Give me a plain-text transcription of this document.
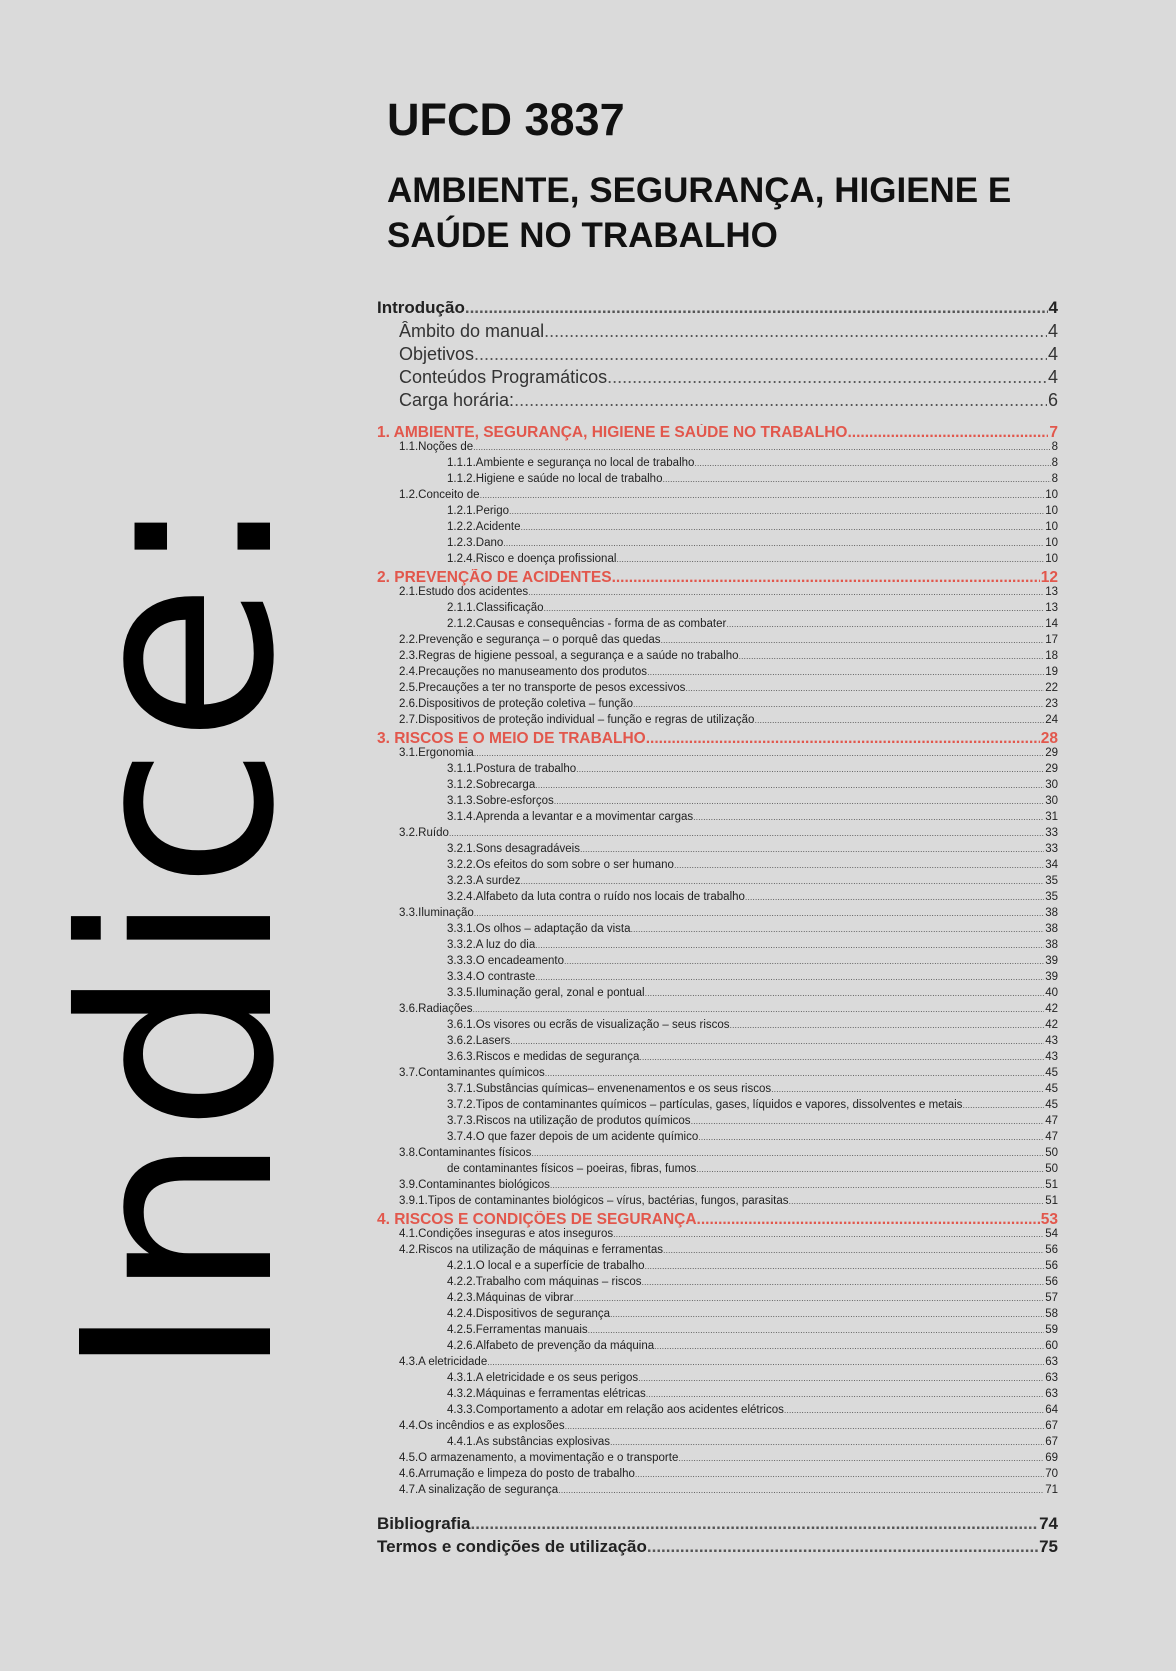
Indice:
UFCD 3837
AMBIENTE, SEGURANÇA, HIGIENE E SAÚDE NO TRABALHO
Introdução .....	4
Âmbito do manual .....	4
Objetivos .....	4
Conteúdos Programáticos .....	4
Carga horária: .....	6
1. AMBIENTE, SEGURANÇA, HIGIENE E SAÚDE NO TRABALHO .....	7
1.1.Noções de .....	8
1.1.1.Ambiente e segurança no local de trabalho .....	8
1.1.2.Higiene e saúde no local de trabalho .....	8
1.2.Conceito de .....	10
1.2.1.Perigo .....	10
1.2.2.Acidente .....	10
1.2.3.Dano .....	10
1.2.4.Risco e doença profissional .....	10
2. PREVENÇÃO DE ACIDENTES .....	12
2.1.Estudo dos acidentes .....	13
2.1.1.Classificação .....	13
2.1.2.Causas e consequências - forma de as combater .....	14
2.2.Prevenção e segurança – o porquê das quedas .....	17
2.3.Regras de higiene pessoal, a segurança e a saúde no trabalho .....	18
2.4.Precauções no manuseamento dos produtos .....	19
2.5.Precauções a ter no transporte de pesos excessivos .....	22
2.6.Dispositivos de proteção coletiva – função .....	23
2.7.Dispositivos de proteção individual – função e regras de utilização .....	24
3. RISCOS E O MEIO DE TRABALHO .....	28
3.1.Ergonomia .....	29
3.1.1.Postura de trabalho .....	29
3.1.2.Sobrecarga .....	30
3.1.3.Sobre-esforços .....	30
3.1.4.Aprenda a levantar e a movimentar cargas .....	31
3.2.Ruído .....	33
3.2.1.Sons desagradáveis .....	33
3.2.2.Os efeitos do som sobre o ser humano .....	34
3.2.3.A surdez .....	35
3.2.4.Alfabeto da luta contra o ruído nos locais de trabalho .....	35
3.3.Iluminação .....	38
3.3.1.Os olhos – adaptação da vista .....	38
3.3.2.A luz do dia .....	38
3.3.3.O encadeamento .....	39
3.3.4.O contraste .....	39
3.3.5.Iluminação geral, zonal e pontual .....	40
3.6.Radiações .....	42
3.6.1.Os visores ou ecrãs de visualização – seus riscos .....	42
3.6.2.Lasers .....	43
3.6.3.Riscos e medidas de segurança .....	43
3.7.Contaminantes químicos .....	45
3.7.1.Substâncias químicas– envenenamentos e os seus riscos .....	45
3.7.2.Tipos de contaminantes químicos – partículas, gases, líquidos e vapores, dissolventes e metais .....	45
3.7.3.Riscos na utilização de produtos químicos .....	47
3.7.4.O que fazer depois de um acidente químico .....	47
3.8.Contaminantes físicos .....	50
de contaminantes físicos – poeiras, fibras, fumos .....	50
3.9.Contaminantes biológicos .....	51
3.9.1.Tipos de contaminantes biológicos – vírus, bactérias, fungos, parasitas .....	51
4. RISCOS E CONDIÇÕES DE SEGURANÇA .....	53
4.1.Condições inseguras e atos inseguros .....	54
4.2.Riscos na utilização de máquinas e ferramentas .....	56
4.2.1.O local e a superfície de trabalho .....	56
4.2.2.Trabalho com máquinas – riscos .....	56
4.2.3.Máquinas de vibrar .....	57
4.2.4.Dispositivos de segurança .....	58
4.2.5.Ferramentas manuais .....	59
4.2.6.Alfabeto de prevenção da máquina .....	60
4.3.A eletricidade .....	63
4.3.1.A eletricidade e os seus perigos .....	63
4.3.2.Máquinas e ferramentas elétricas .....	63
4.3.3.Comportamento a adotar em relação aos acidentes elétricos .....	64
4.4.Os incêndios e as explosões .....	67
4.4.1.As substâncias explosivas .....	67
4.5.O armazenamento, a movimentação e o transporte .....	69
4.6.Arrumação e limpeza do posto de trabalho .....	70
4.7.A sinalização de segurança .....	71
Bibliografia .....	74
Termos e condições de utilização .....	75
